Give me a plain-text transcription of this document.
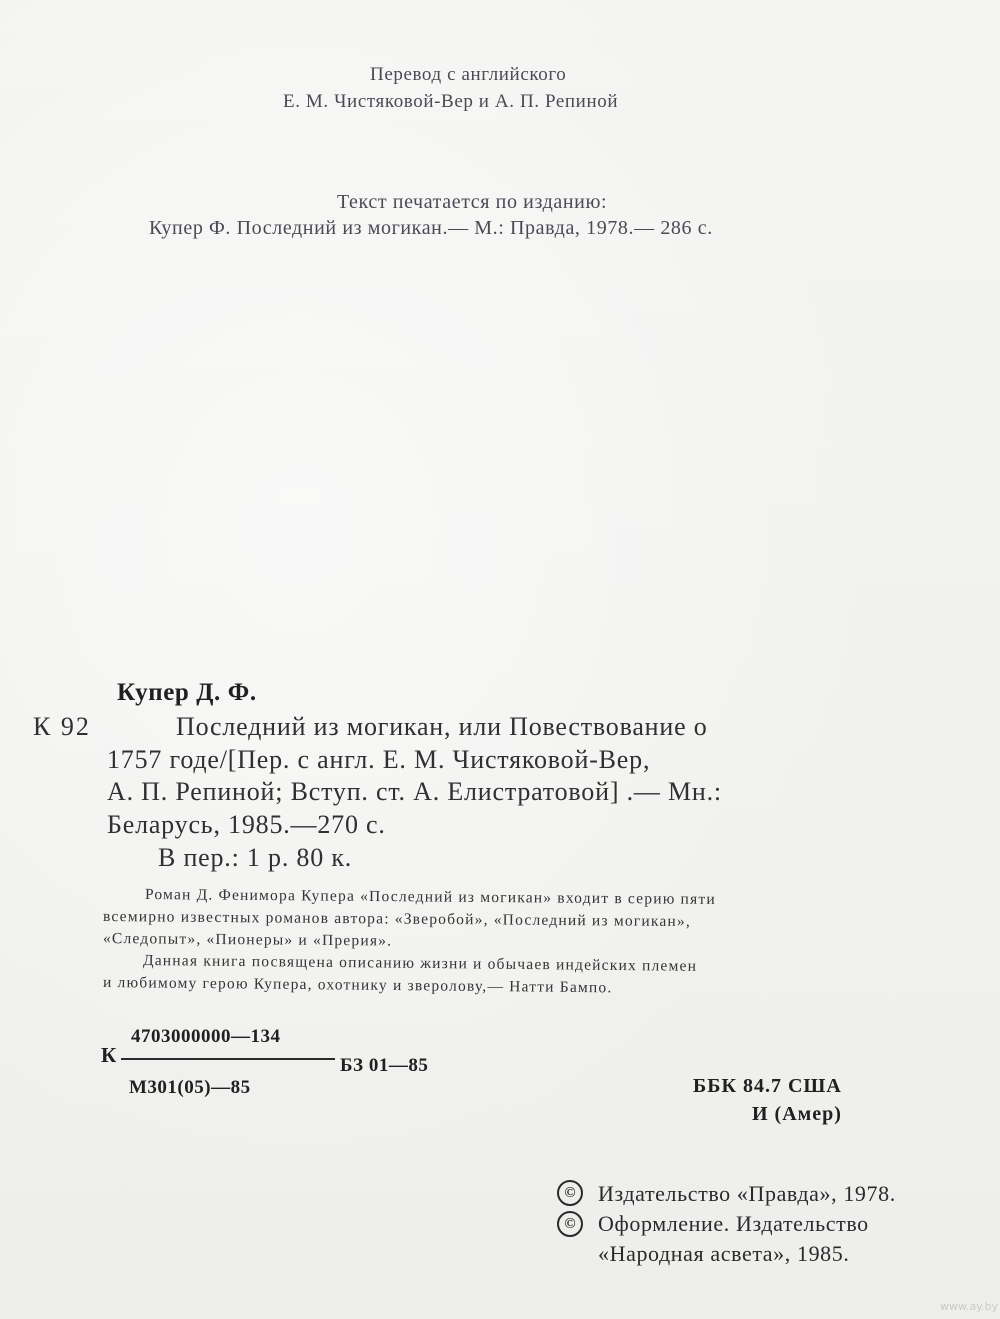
Перевод с английского
Е. М. Чистяковой-Вер и А. П. Репиной
Текст печатается по изданию:
Купер Ф. Последний из могикан.— М.: Правда, 1978.— 286 с.
Купер Д. Ф.
К 92	Последний из могикан, или Повествование о
1757 годе/[Пер. с англ. Е. М. Чистяковой-Вер,
А. П. Репиной; Вступ. ст. А. Елистратовой] .— Мн.:
Беларусь, 1985.—270 с.
В пер.: 1 р. 80 к.
Роман Д. Фенимора Купера «Последний из могикан» входит в серию пяти
всемирно известных романов автора: «Зверобой», «Последний из могикан»,
«Следопыт», «Пионеры» и «Прерия».
Данная книга посвящена описанию жизни и обычаев индейских племен
и любимому герою Купера, охотнику и зверолову,— Натти Бампо.
4703000000—134
К	БЗ 01—85
М301(05)—85	ББК 84.7 США
И (Амер)
©	Издательство «Правда», 1978.
©	Оформление. Издательство
«Народная асвета», 1985.
www.ay.by
